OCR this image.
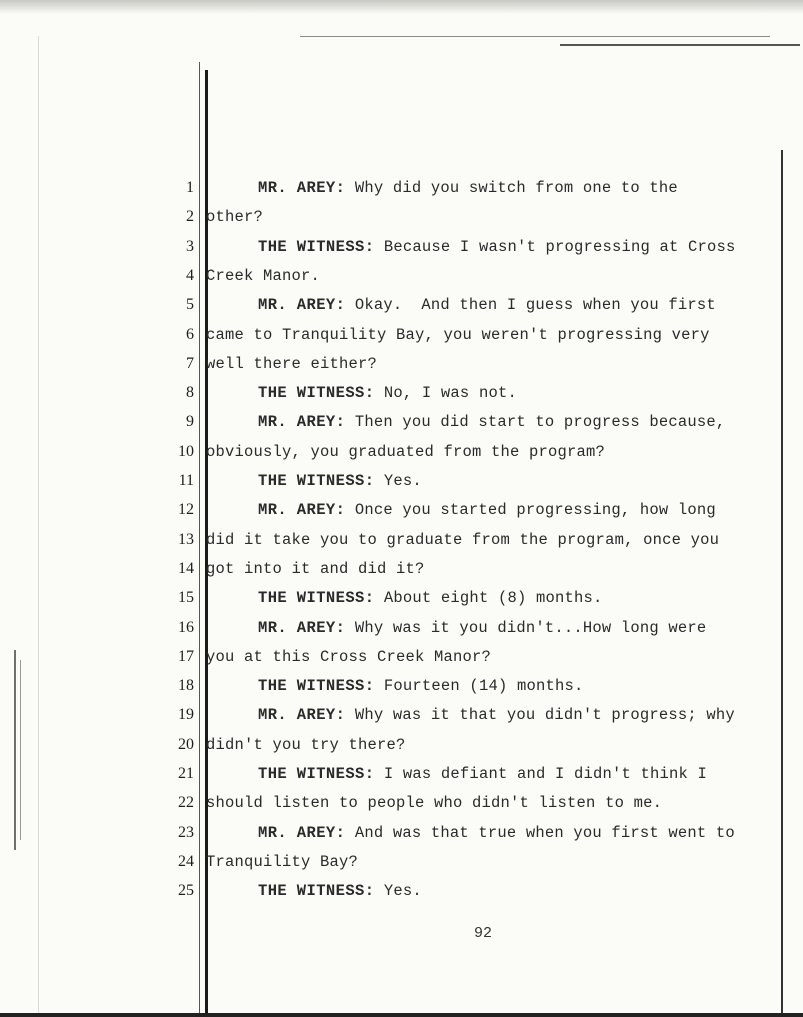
1	MR. AREY: Why did you switch from one to the
2 other?
3	THE WITNESS: Because I wasn't progressing at Cross
4 Creek Manor.
5	MR. AREY: Okay.  And then I guess when you first
6 came to Tranquility Bay, you weren't progressing very
7 well there either?
8	THE WITNESS: No, I was not.
9	MR. AREY: Then you did start to progress because,
10 obviously, you graduated from the program?
11	THE WITNESS: Yes.
12	MR. AREY: Once you started progressing, how long
13 did it take you to graduate from the program, once you
14 got into it and did it?
15	THE WITNESS: About eight (8) months.
16	MR. AREY: Why was it you didn't...How long were
17 you at this Cross Creek Manor?
18	THE WITNESS: Fourteen (14) months.
19	MR. AREY: Why was it that you didn't progress; why
20 didn't you try there?
21	THE WITNESS: I was defiant and I didn't think I
22 should listen to people who didn't listen to me.
23	MR. AREY: And was that true when you first went to
24 Tranquility Bay?
25	THE WITNESS: Yes.
92
